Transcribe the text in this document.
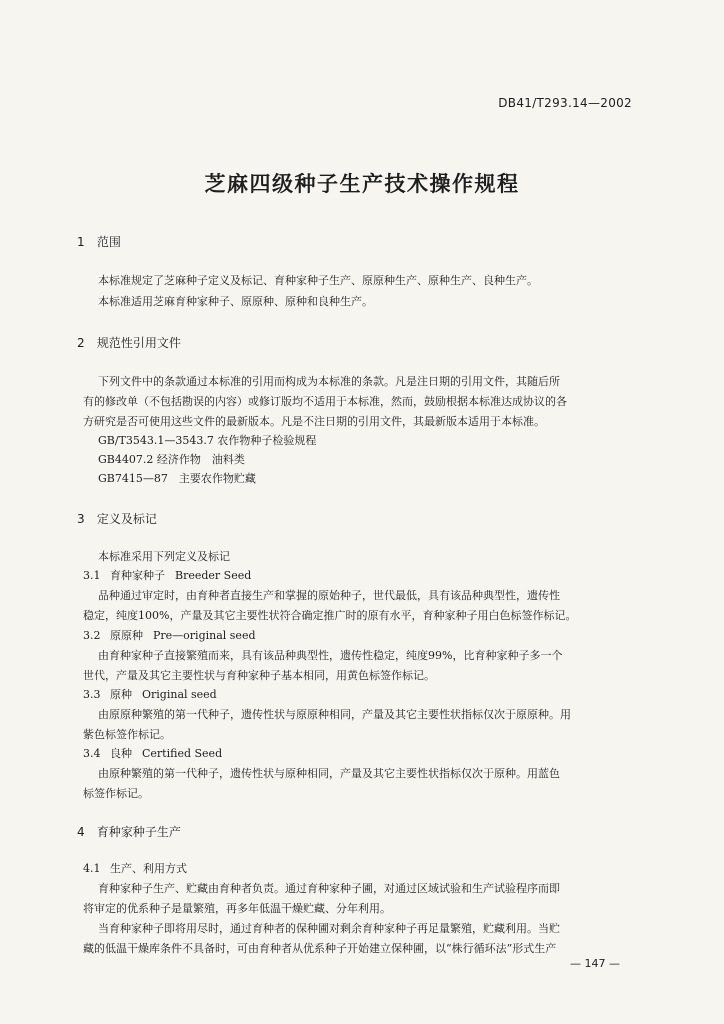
DB41/T293.14—2002
芝麻四级种子生产技术操作规程
1 范围
本标准规定了芝麻种子定义及标记、育种家种子生产、原原种生产、原种生产、良种生产。
本标准适用芝麻育种家种子、原原种、原种和良种生产。
2 规范性引用文件
下列文件中的条款通过本标准的引用而构成为本标准的条款。凡是注日期的引用文件，其随后所
有的修改单（不包括勘误的内容）或修订版均不适用于本标准，然而，鼓励根据本标准达成协议的各
方研究是否可使用这些文件的最新版本。凡是不注日期的引用文件，其最新版本适用于本标准。
GB/T3543.1—3543.7 农作物种子检验规程
GB4407.2 经济作物　油料类
GB7415—87　主要农作物贮藏
3 定义及标记
本标准采用下列定义及标记
3.1 育种家种子 Breeder Seed
品种通过审定时，由育种者直接生产和掌握的原始种子，世代最低，具有该品种典型性，遗传性
稳定，纯度100%，产量及其它主要性状符合确定推广时的原有水平，育种家种子用白色标签作标记。
3.2 原原种 Pre—original seed
由育种家种子直接繁殖而来，具有该品种典型性，遗传性稳定，纯度99%，比育种家种子多一个
世代，产量及其它主要性状与育种家种子基本相同，用黄色标签作标记。
3.3 原种 Original seed
由原原种繁殖的第一代种子，遗传性状与原原种相同，产量及其它主要性状指标仅次于原原种。用
紫色标签作标记。
3.4 良种 Certified Seed
由原种繁殖的第一代种子，遗传性状与原种相同，产量及其它主要性状指标仅次于原种。用蓝色
标签作标记。
4 育种家种子生产
4.1 生产、利用方式
育种家种子生产、贮藏由育种者负责。通过育种家种子圃，对通过区域试验和生产试验程序而即
将审定的优系种子是量繁殖，再多年低温干燥贮藏、分年利用。
当育种家种子即将用尽时，通过育种者的保种圃对剩余育种家种子再足量繁殖，贮藏利用。当贮
藏的低温干燥库条件不具备时，可由育种者从优系种子开始建立保种圃，以“株行循环法”形式生产
— 147 —
